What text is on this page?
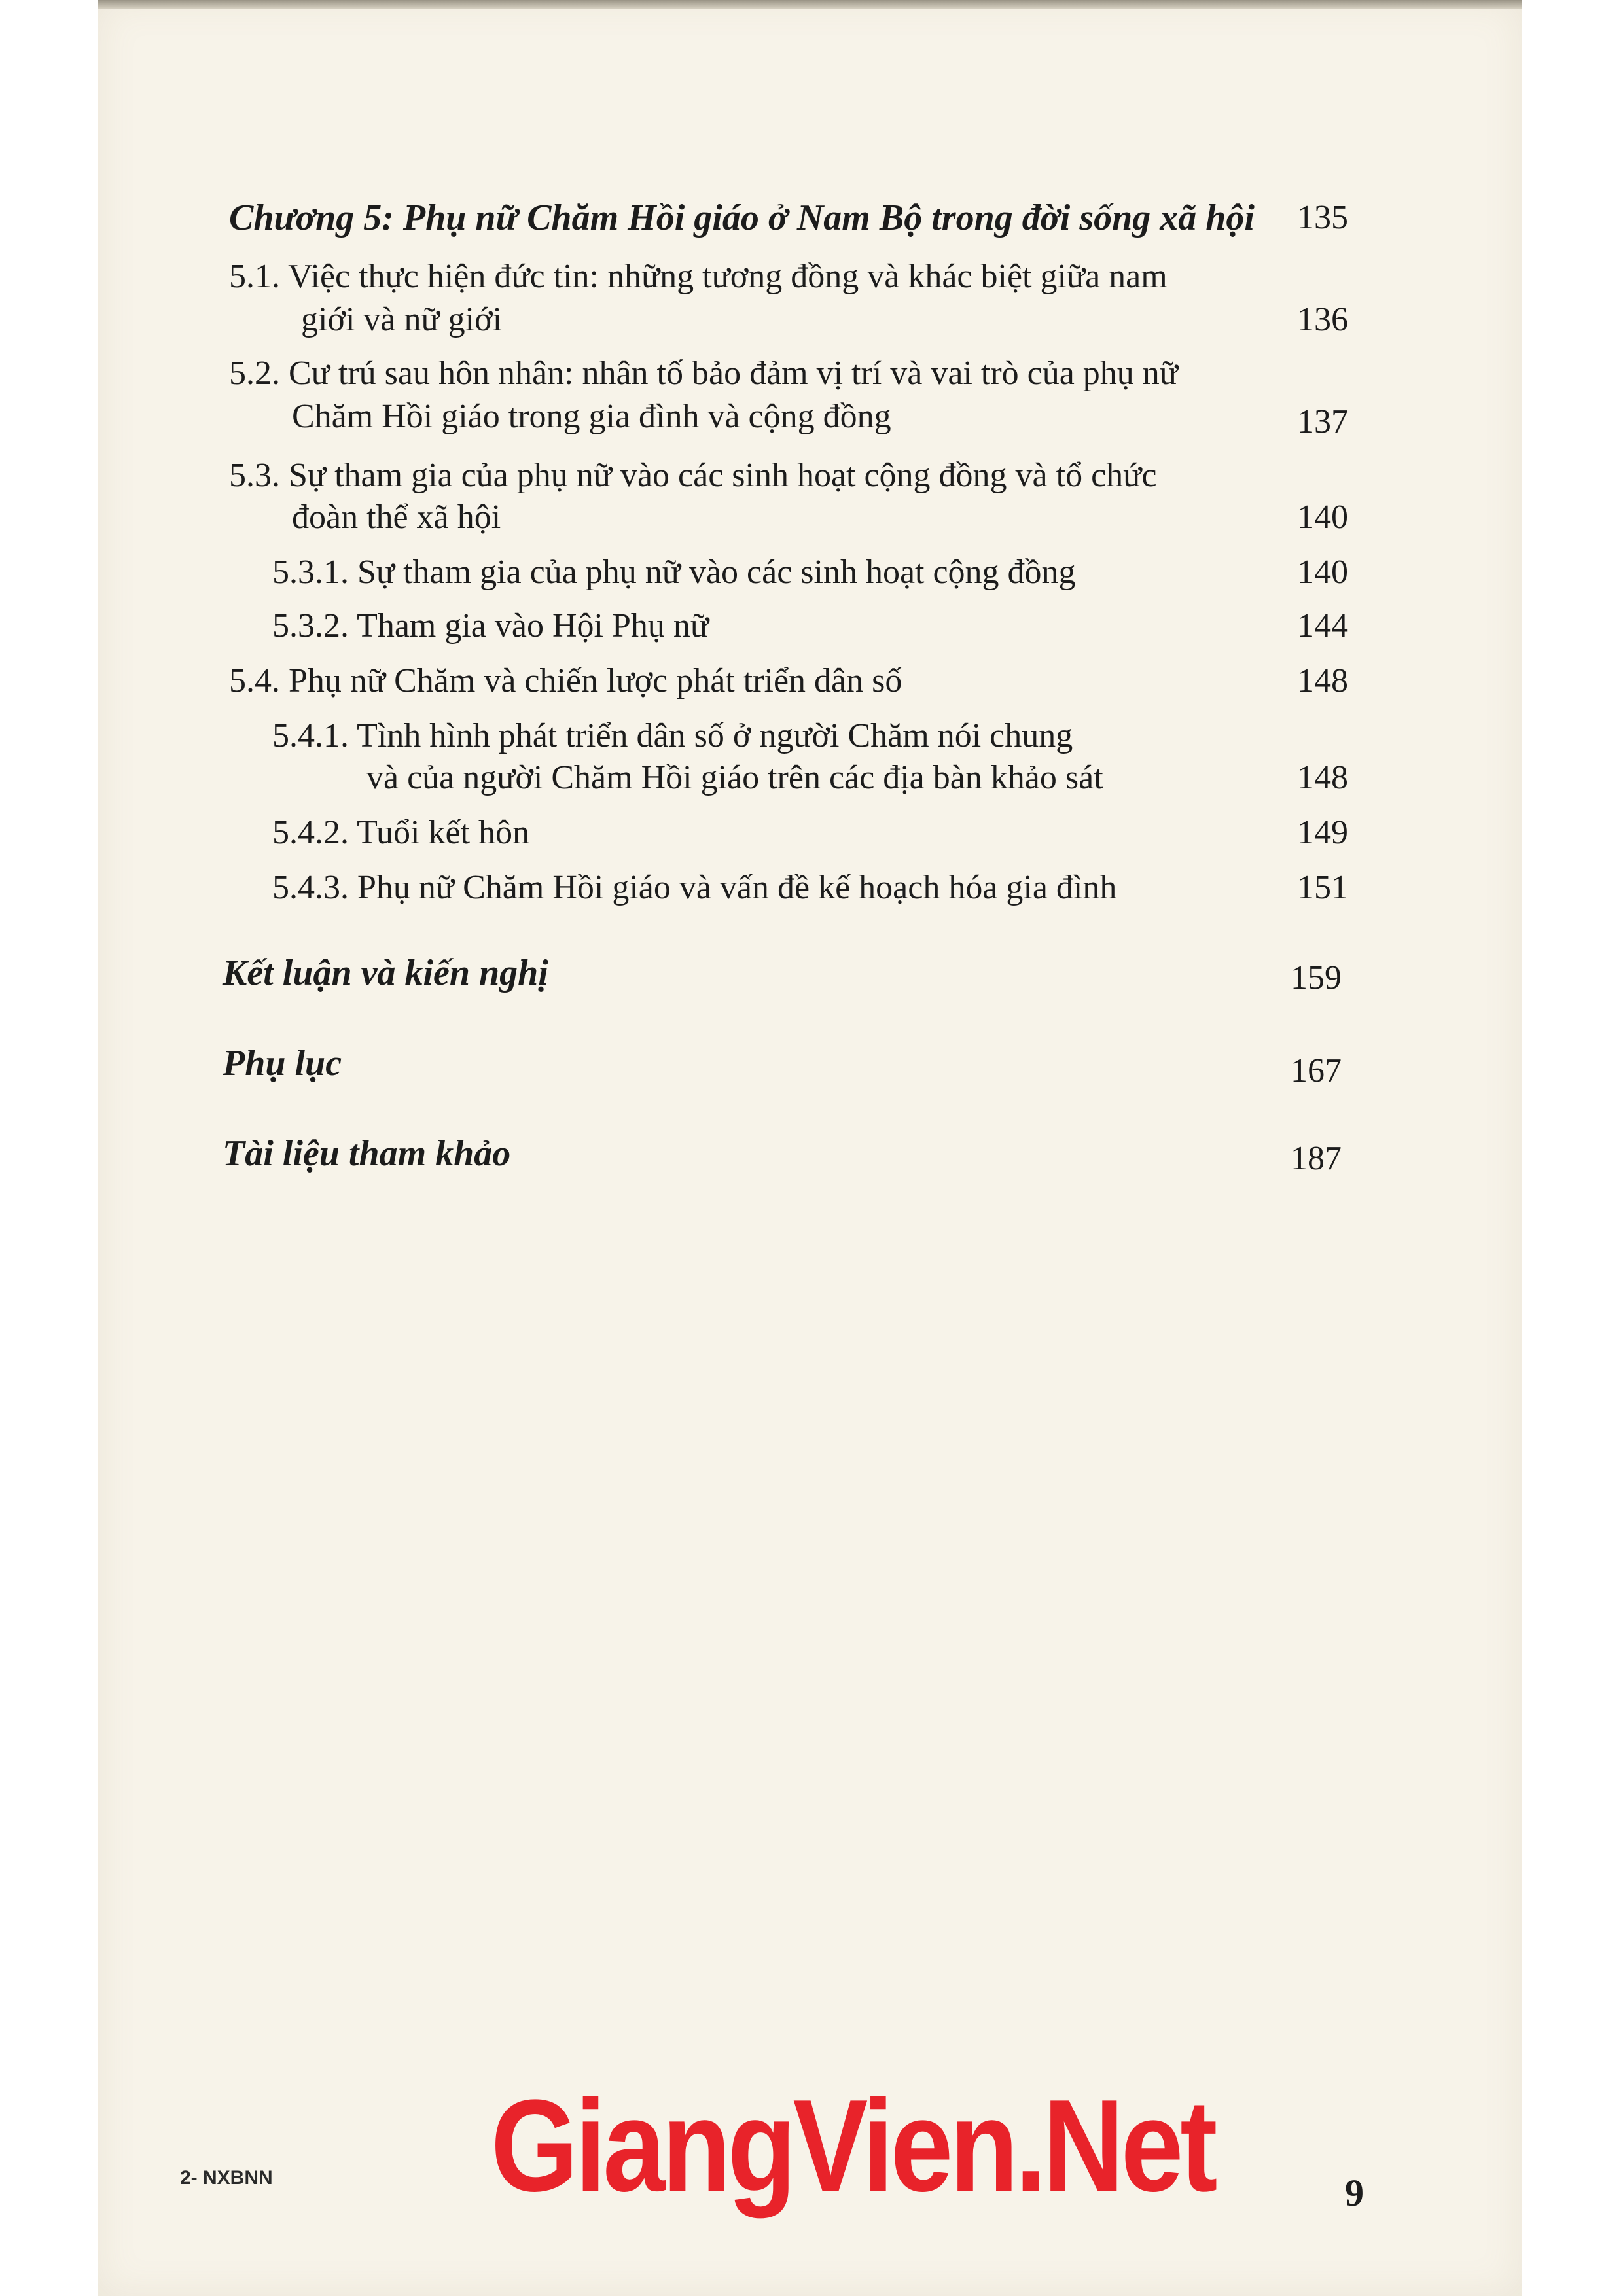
Chương 5: Phụ nữ Chăm Hồi giáo ở Nam Bộ trong đời sống xã hội	135
5.1. Việc thực hiện đức tin: những tương đồng và khác biệt giữa nam
giới và nữ giới	136
5.2. Cư trú sau hôn nhân: nhân tố bảo đảm vị trí và vai trò của phụ nữ
Chăm Hồi giáo trong gia đình và cộng đồng	137
5.3. Sự tham gia của phụ nữ vào các sinh hoạt cộng đồng và tổ chức
đoàn thể xã hội	140
5.3.1. Sự tham gia của phụ nữ vào các sinh hoạt cộng đồng	140
5.3.2. Tham gia vào Hội Phụ nữ	144
5.4. Phụ nữ Chăm và chiến lược phát triển dân số	148
5.4.1. Tình hình phát triển dân số ở người Chăm nói chung
và của người Chăm Hồi giáo trên các địa bàn khảo sát	148
5.4.2. Tuổi kết hôn	149
5.4.3. Phụ nữ Chăm Hồi giáo và vấn đề kế hoạch hóa gia đình	151
Kết luận và kiến nghị	159
Phụ lục	167
Tài liệu tham khảo	187
2- NXBNN GiangVien.Net	9
